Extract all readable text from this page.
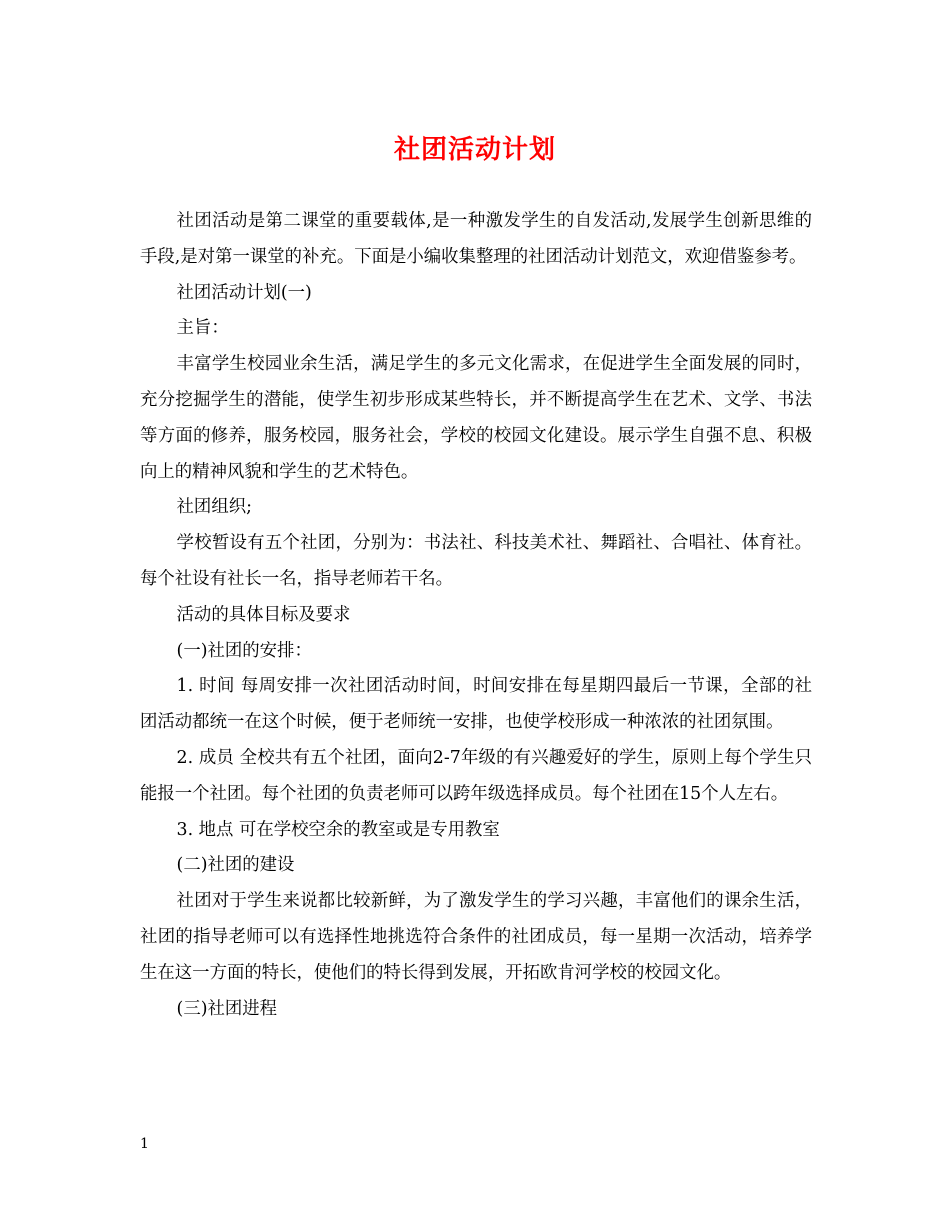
社团活动计划

社团活动是第二课堂的重要载体,是一种激发学生的自发活动,发展学生创新思维的手段,是对第一课堂的补充。下面是小编收集整理的社团活动计划范文，欢迎借鉴参考。

社团活动计划(一)

主旨：

丰富学生校园业余生活，满足学生的多元文化需求，在促进学生全面发展的同时，充分挖掘学生的潜能，使学生初步形成某些特长，并不断提高学生在艺术、文学、书法等方面的修养，服务校园，服务社会，学校的校园文化建设。展示学生自强不息、积极向上的精神风貌和学生的艺术特色。

社团组织;

学校暂设有五个社团，分别为：书法社、科技美术社、舞蹈社、合唱社、体育社。每个社设有社长一名，指导老师若干名。

活动的具体目标及要求

(一)社团的安排：

1. 时间 每周安排一次社团活动时间，时间安排在每星期四最后一节课，全部的社团活动都统一在这个时候，便于老师统一安排，也使学校形成一种浓浓的社团氛围。

2. 成员 全校共有五个社团，面向2-7年级的有兴趣爱好的学生，原则上每个学生只能报一个社团。每个社团的负责老师可以跨年级选择成员。每个社团在15个人左右。

3. 地点 可在学校空余的教室或是专用教室

(二)社团的建设

社团对于学生来说都比较新鲜，为了激发学生的学习兴趣，丰富他们的课余生活，社团的指导老师可以有选择性地挑选符合条件的社团成员，每一星期一次活动，培养学生在这一方面的特长，使他们的特长得到发展，开拓欧肯河学校的校园文化。

(三)社团进程

1
